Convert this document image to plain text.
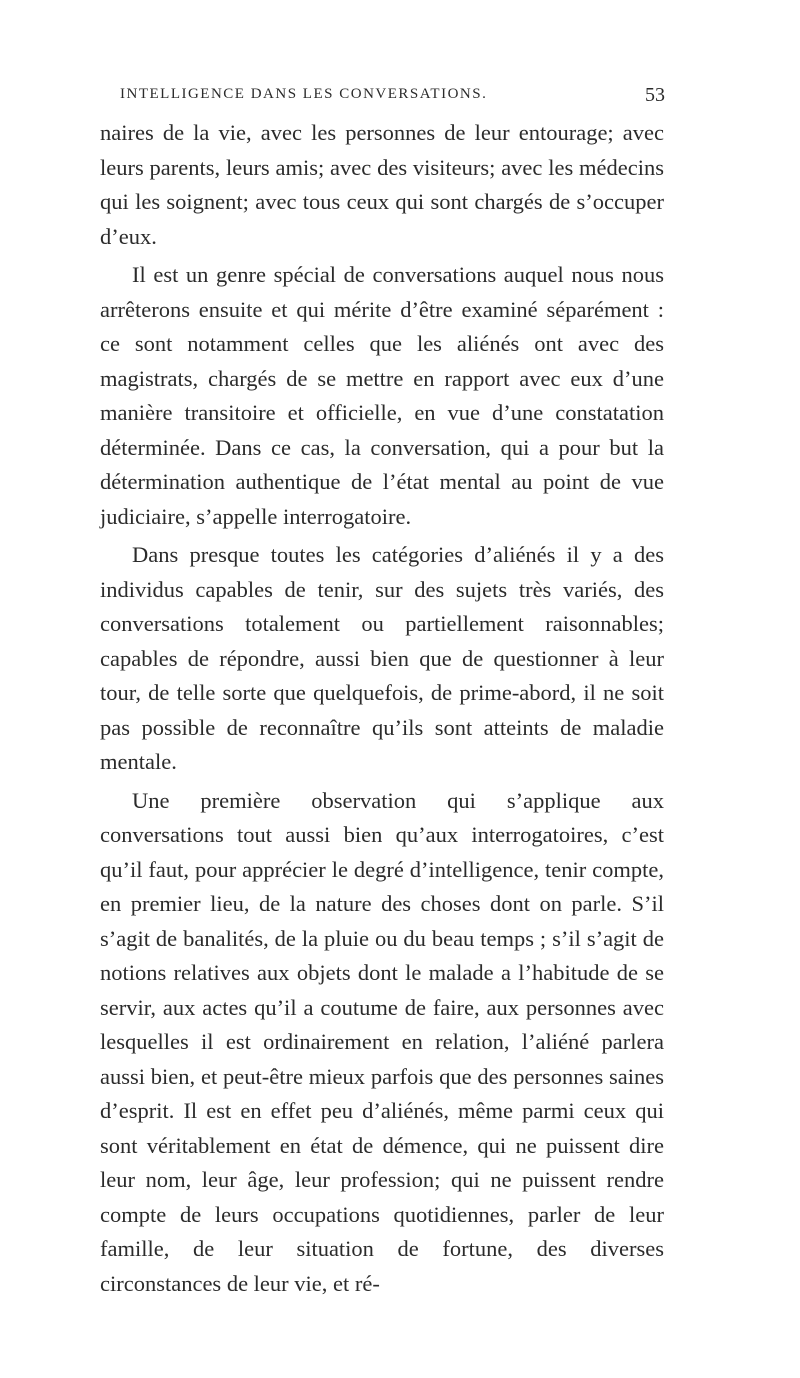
INTELLIGENCE DANS LES CONVERSATIONS.	53

naires de la vie, avec les personnes de leur entourage; avec leurs parents, leurs amis; avec des visiteurs; avec les médecins qui les soignent; avec tous ceux qui sont chargés de s’occuper d’eux.

Il est un genre spécial de conversations auquel nous nous arrêterons ensuite et qui mérite d’être examiné séparément : ce sont notamment celles que les aliénés ont avec des magistrats, chargés de se mettre en rapport avec eux d’une manière transitoire et officielle, en vue d’une constatation déterminée. Dans ce cas, la conversation, qui a pour but la détermination authentique de l’état mental au point de vue judiciaire, s’appelle interrogatoire.

Dans presque toutes les catégories d’aliénés il y a des individus capables de tenir, sur des sujets très variés, des conversations totalement ou partiellement raisonnables; capables de répondre, aussi bien que de questionner à leur tour, de telle sorte que quelquefois, de prime-abord, il ne soit pas possible de reconnaître qu’ils sont atteints de maladie mentale.

Une première observation qui s’applique aux conversations tout aussi bien qu’aux interrogatoires, c’est qu’il faut, pour apprécier le degré d’intelligence, tenir compte, en premier lieu, de la nature des choses dont on parle. S’il s’agit de banalités, de la pluie ou du beau temps ; s’il s’agit de notions relatives aux objets dont le malade a l’habitude de se servir, aux actes qu’il a coutume de faire, aux personnes avec lesquelles il est ordinairement en relation, l’aliéné parlera aussi bien, et peut-être mieux parfois que des personnes saines d’esprit. Il est en effet peu d’aliénés, même parmi ceux qui sont véritablement en état de démence, qui ne puissent dire leur nom, leur âge, leur profession; qui ne puissent rendre compte de leurs occupations quotidiennes, parler de leur famille, de leur situation de fortune, des diverses circonstances de leur vie, et ré-
